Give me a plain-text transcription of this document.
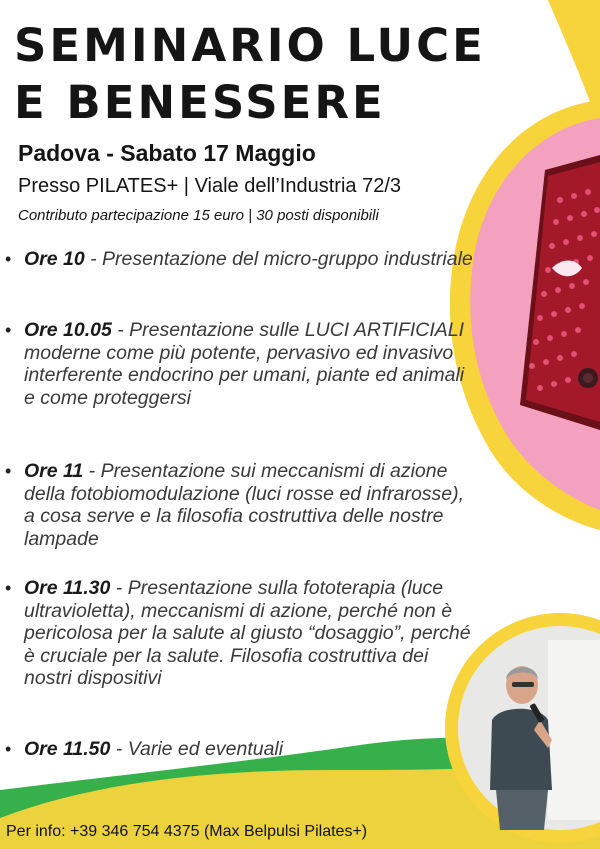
SEMINARIO LUCE
E BENESSERE
Padova - Sabato 17 Maggio
Presso PILATES+ | Viale dell’Industria 72/3
Contributo partecipazione 15 euro | 30 posti disponibili
• Ore 10 - Presentazione del micro-gruppo industriale
• Ore 10.05 - Presentazione sulle LUCI ARTIFICIALI moderne come più potente, pervasivo ed invasivo interferente endocrino per umani, piante ed animali e come proteggersi
• Ore 11 - Presentazione sui meccanismi di azione della fotobiomodulazione (luci rosse ed infrarosse), a cosa serve e la filosofia costruttiva delle nostre lampade
• Ore 11.30 - Presentazione sulla fototerapia (luce ultravioletta), meccanismi di azione, perché non è pericolosa per la salute al giusto “dosaggio”, perché è cruciale per la salute. Filosofia costruttiva dei nostri dispositivi
• Ore 11.50 - Varie ed eventuali
Per info: +39 346 754 4375 (Max Belpulsi Pilates+)
